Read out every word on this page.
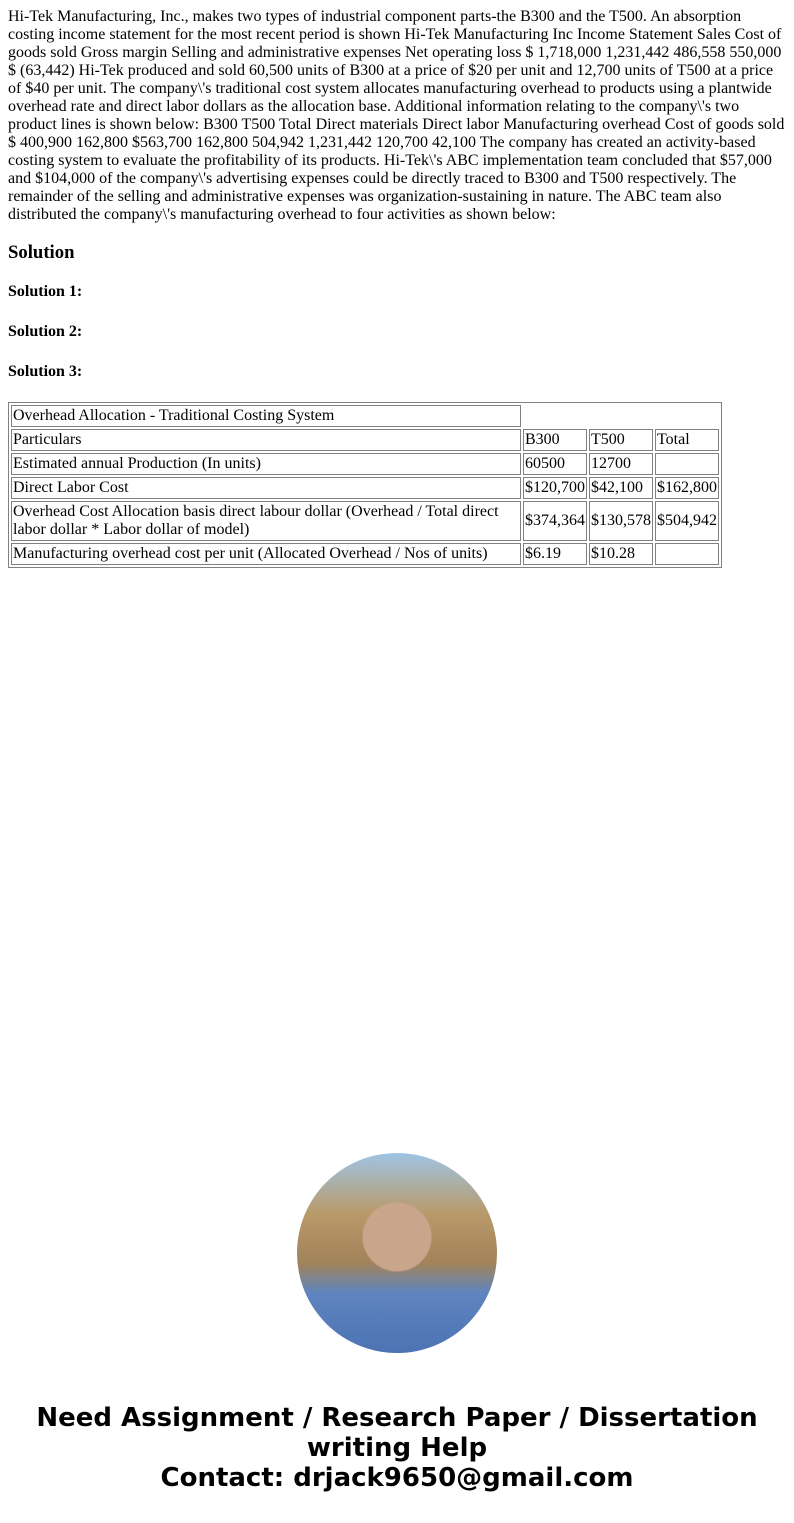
Hi-Tek Manufacturing, Inc., makes two types of industrial component parts-the B300 and the T500. An absorption costing income statement for the most recent period is shown Hi-Tek Manufacturing Inc Income Statement Sales Cost of goods sold Gross margin Selling and administrative expenses Net operating loss $ 1,718,000 1,231,442 486,558 550,000 $ (63,442) Hi-Tek produced and sold 60,500 units of B300 at a price of $20 per unit and 12,700 units of T500 at a price of $40 per unit. The company\'s traditional cost system allocates manufacturing overhead to products using a plantwide overhead rate and direct labor dollars as the allocation base. Additional information relating to the company\'s two product lines is shown below: B300 T500 Total Direct materials Direct labor Manufacturing overhead Cost of goods sold $ 400,900 162,800 $563,700 162,800 504,942 1,231,442 120,700 42,100 The company has created an activity-based costing system to evaluate the profitability of its products. Hi-Tek\'s ABC implementation team concluded that $57,000 and $104,000 of the company\'s advertising expenses could be directly traced to B300 and T500 respectively. The remainder of the selling and administrative expenses was organization-sustaining in nature. The ABC team also distributed the company\'s manufacturing overhead to four activities as shown below:

Solution
Solution 1:
Solution 2:
Solution 3:
Overhead Allocation - Traditional Costing System			
Particulars	B300	T500	Total
Estimated annual Production (In units)	60500	12700	
Direct Labor Cost	$120,700	$42,100	$162,800
Overhead Cost Allocation basis direct labour dollar (Overhead / Total direct labor dollar * Labor dollar of model)	$374,364	$130,578	$504,942
Manufacturing overhead cost per unit (Allocated Overhead / Nos of units)	$6.19	$10.28	
Need Assignment / Research Paper / Dissertation writing Help
Contact: drjack9650@gmail.com
